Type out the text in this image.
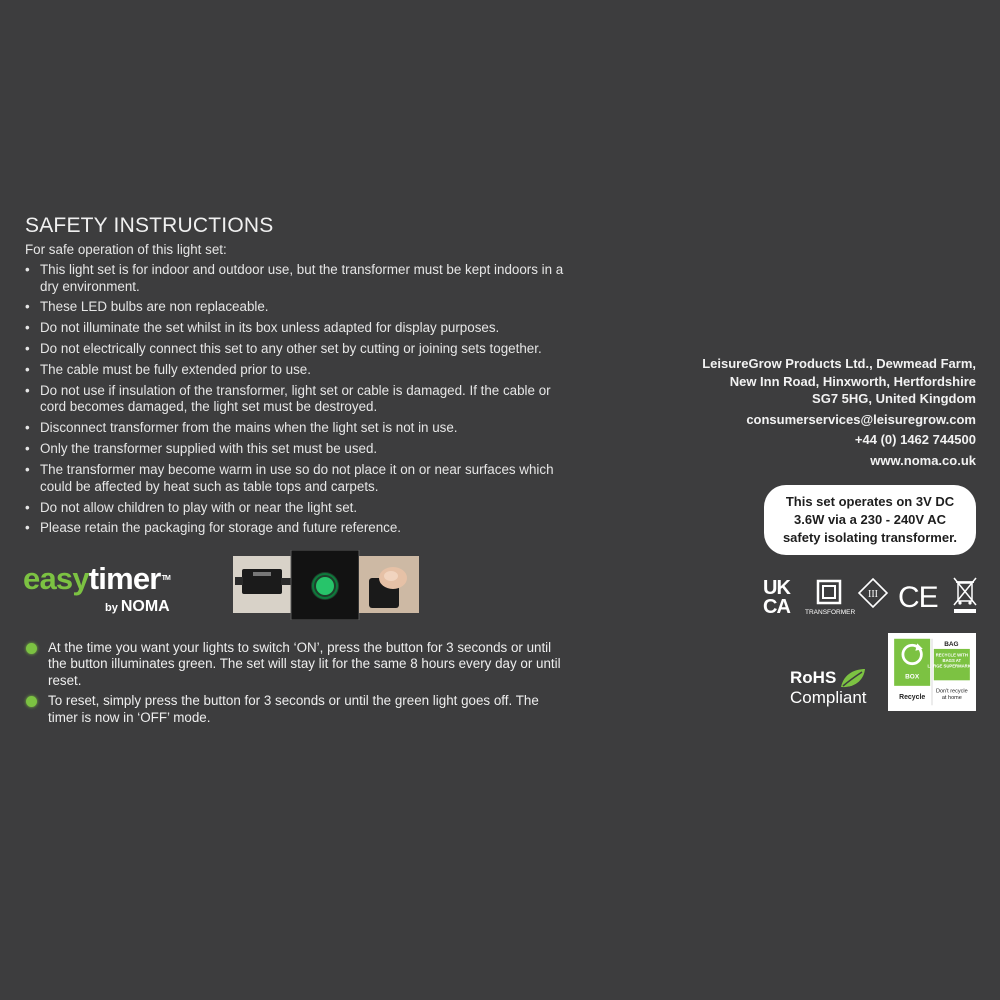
SAFETY INSTRUCTIONS
For safe operation of this light set:
• This light set is for indoor and outdoor use, but the transformer must be kept indoors in a dry environment.
• These LED bulbs are non replaceable.
• Do not illuminate the set whilst in its box unless adapted for display purposes.
• Do not electrically connect this set to any other set by cutting or joining sets together.
• The cable must be fully extended prior to use.
• Do not use if insulation of the transformer, light set or cable is damaged. If the cable or cord becomes damaged, the light set must be destroyed.
• Disconnect transformer from the mains when the light set is not in use.
• Only the transformer supplied with this set must be used.
• The transformer may become warm in use so do not place it on or near surfaces which could be affected by heat such as table tops and carpets.
• Do not allow children to play with or near the light set.
• Please retain the packaging for storage and future reference.
easytimer™
by NOMA
At the time you want your lights to switch ‘ON’, press the button for 3 seconds or until the button illuminates green. The set will stay lit for the same 8 hours every day or until reset.
To reset, simply press the button for 3 seconds or until the green light goes off. The timer is now in ‘OFF’ mode.
LeisureGrow Products Ltd., Dewmead Farm,
New Inn Road, Hinxworth, Hertfordshire
SG7 5HG, United Kingdom
consumerservices@leisuregrow.com
+44 (0) 1462 744500
www.noma.co.uk
This set operates on 3V DC
3.6W via a 230 - 240V AC
safety isolating transformer.
UK
CA TRANSFORMER
III CE
RoHS
Compliant
BOX
Recycle
BAG
RECYCLE WITH BAGS AT LARGE SUPERMARKET
Don't recycle at home
